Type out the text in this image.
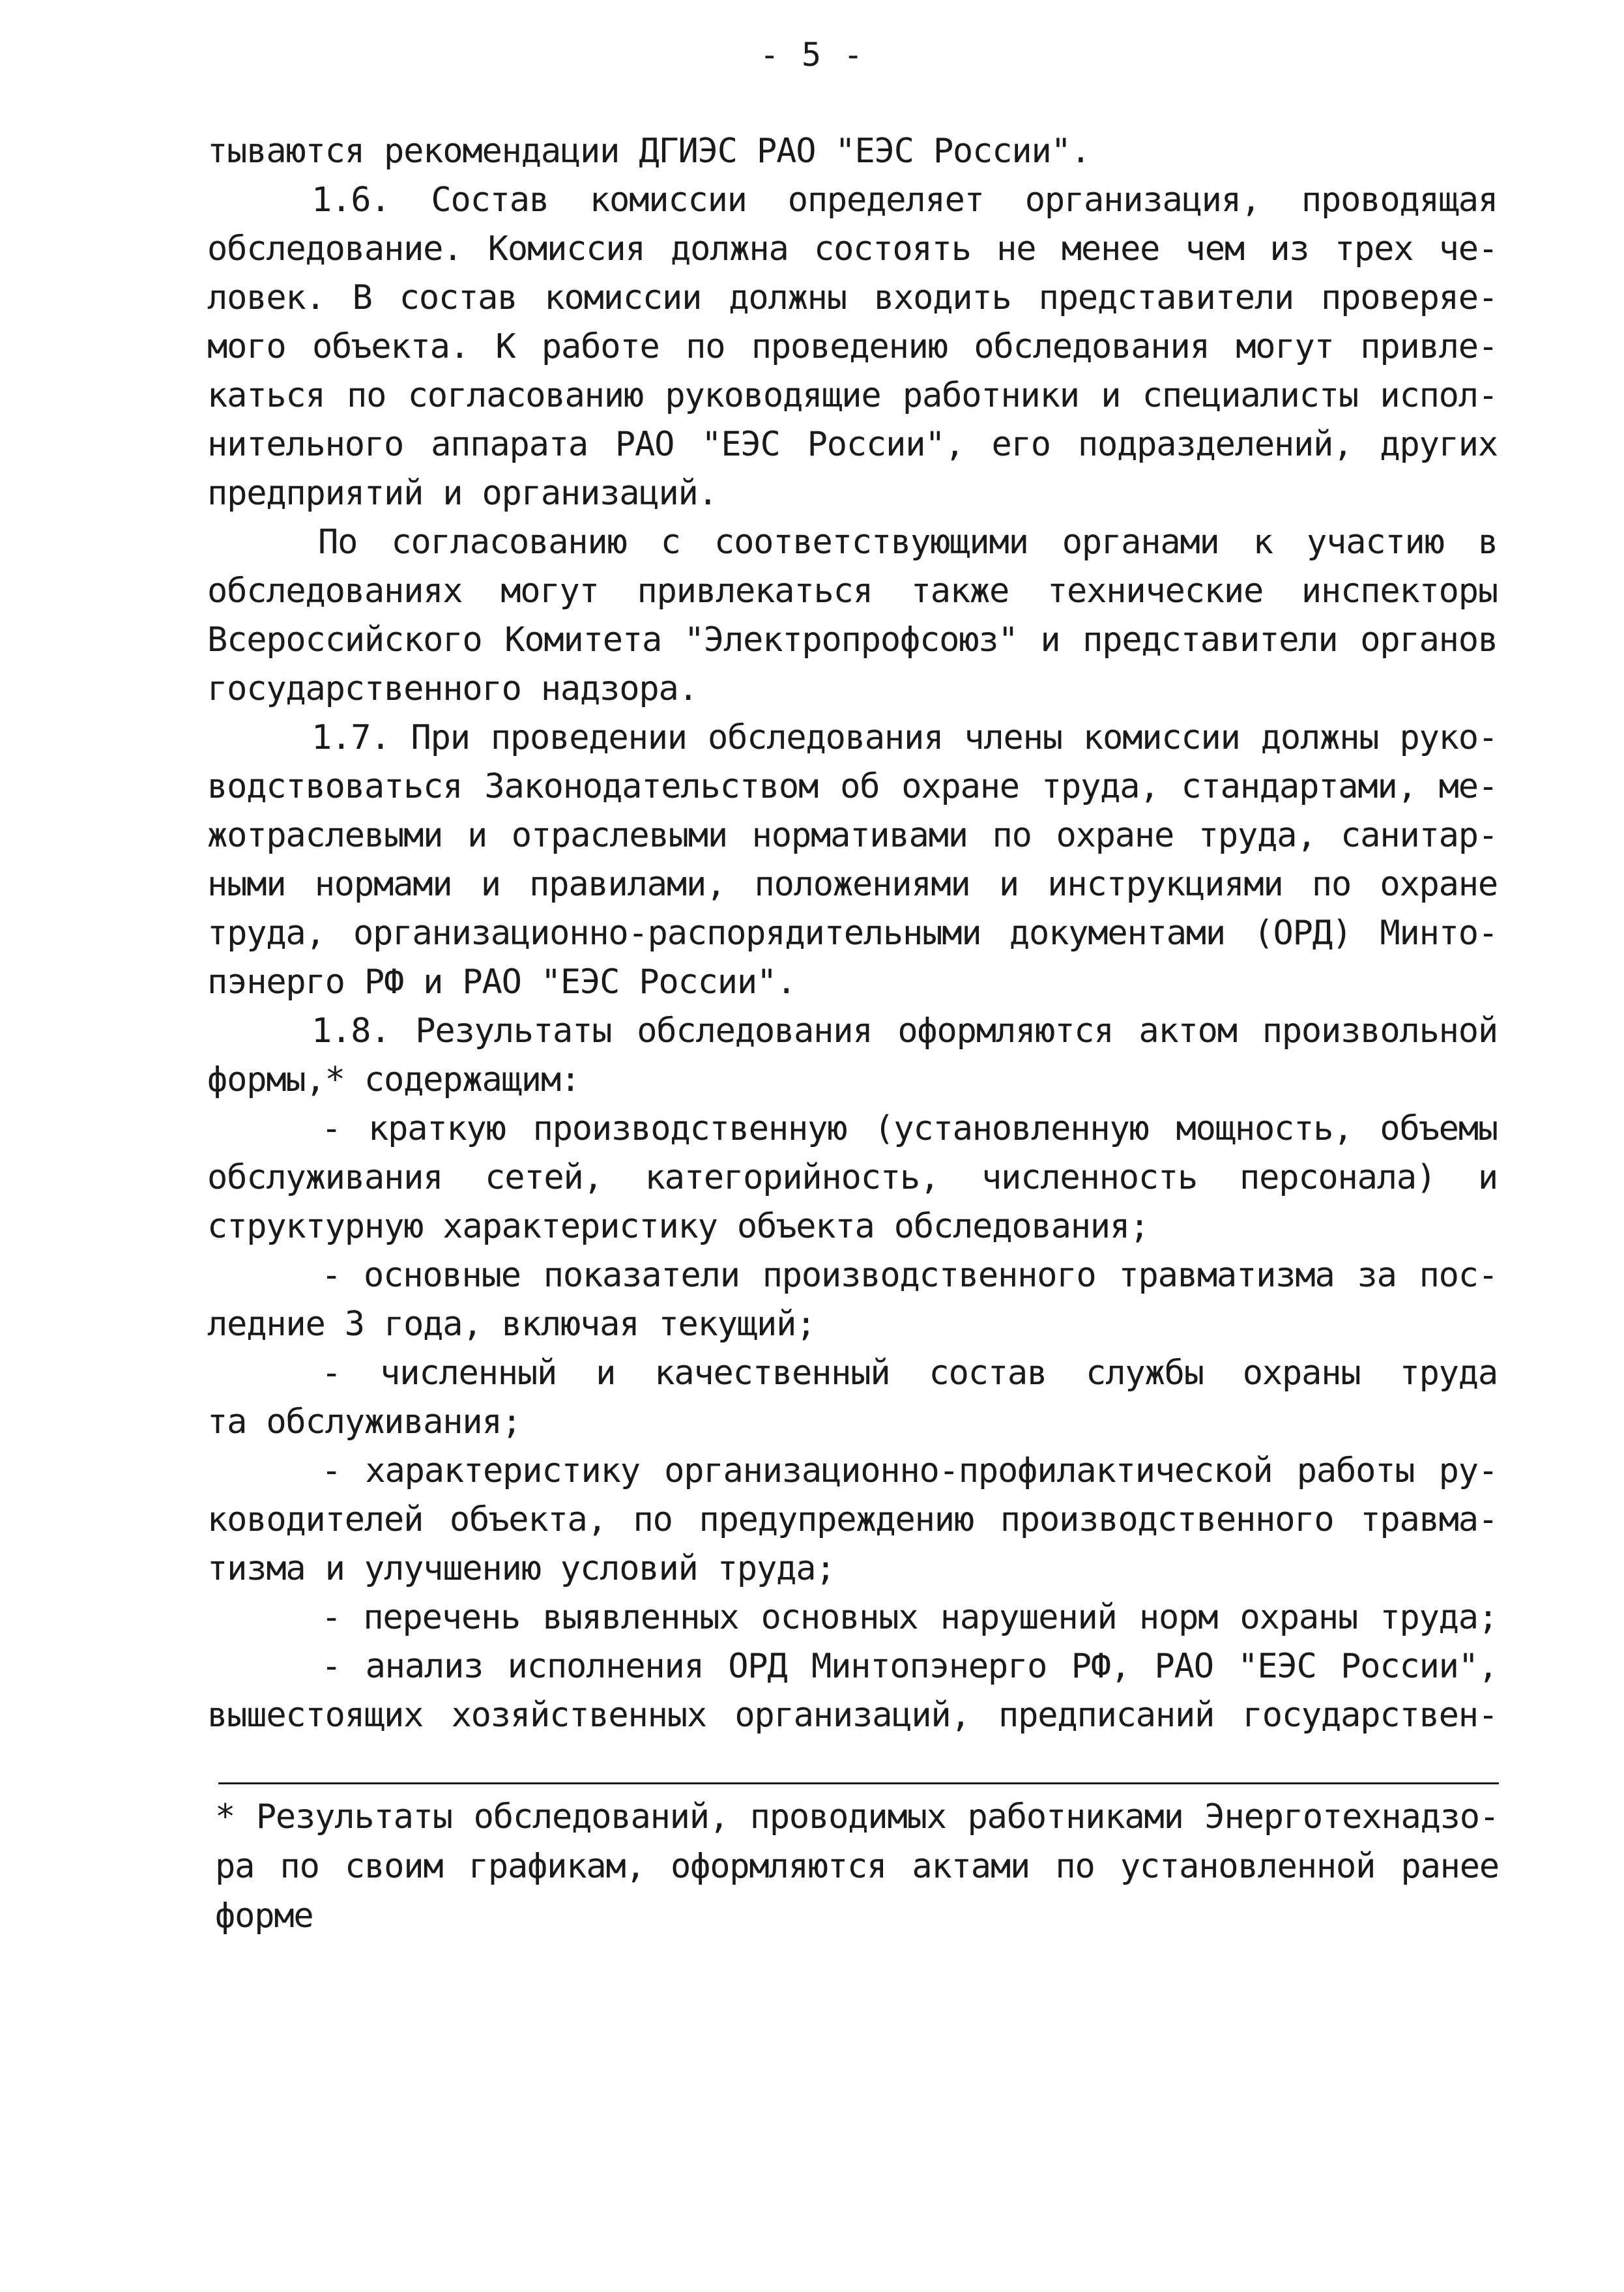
- 5 -
тываются рекомендации ДГИЭС РАО "ЕЭС России".
1.6. Состав комиссии определяет организация, проводящая
обследование. Комиссия должна состоять не менее чем из трех че-
ловек. В состав комиссии должны входить представители проверяе-
мого объекта. К работе по проведению обследования могут привле-
каться по согласованию руководящие работники и специалисты испол-
нительного аппарата РАО "ЕЭС России", его подразделений, других
предприятий и организаций.
По согласованию с соответствующими органами к участию в
обследованиях могут привлекаться также технические инспекторы
Всероссийского Комитета "Электропрофсоюз" и представители органов
государственного надзора.
1.7. При проведении обследования члены комиссии должны руко-
водствоваться Законодательством об охране труда, стандартами, ме-
жотраслевыми и отраслевыми нормативами по охране труда, санитар-
ными нормами и правилами, положениями и инструкциями по охране
труда, организационно-распорядительными документами (ОРД) Минто-
пэнерго РФ и РАО "ЕЭС России".
1.8. Результаты обследования оформляются актом произвольной
формы,* содержащим:
- краткую производственную (установленную мощность, объемы
обслуживания сетей, категорийность, численность персонала) и
структурную характеристику объекта обследования;
- основные показатели производственного травматизма за пос-
ледние 3 года, включая текущий;
- численный и качественный состав службы охраны труда
та обслуживания;
- характеристику организационно-профилактической работы ру-
ководителей объекта, по предупреждению производственного травма-
тизма и улучшению условий труда;
- перечень выявленных основных нарушений норм охраны труда;
- анализ исполнения ОРД Минтопэнерго РФ, РАО "ЕЭС России",
вышестоящих хозяйственных организаций, предписаний государствен-
* Результаты обследований, проводимых работниками Энерготехнадзо-
ра по своим графикам, оформляются актами по установленной ранее
форме
